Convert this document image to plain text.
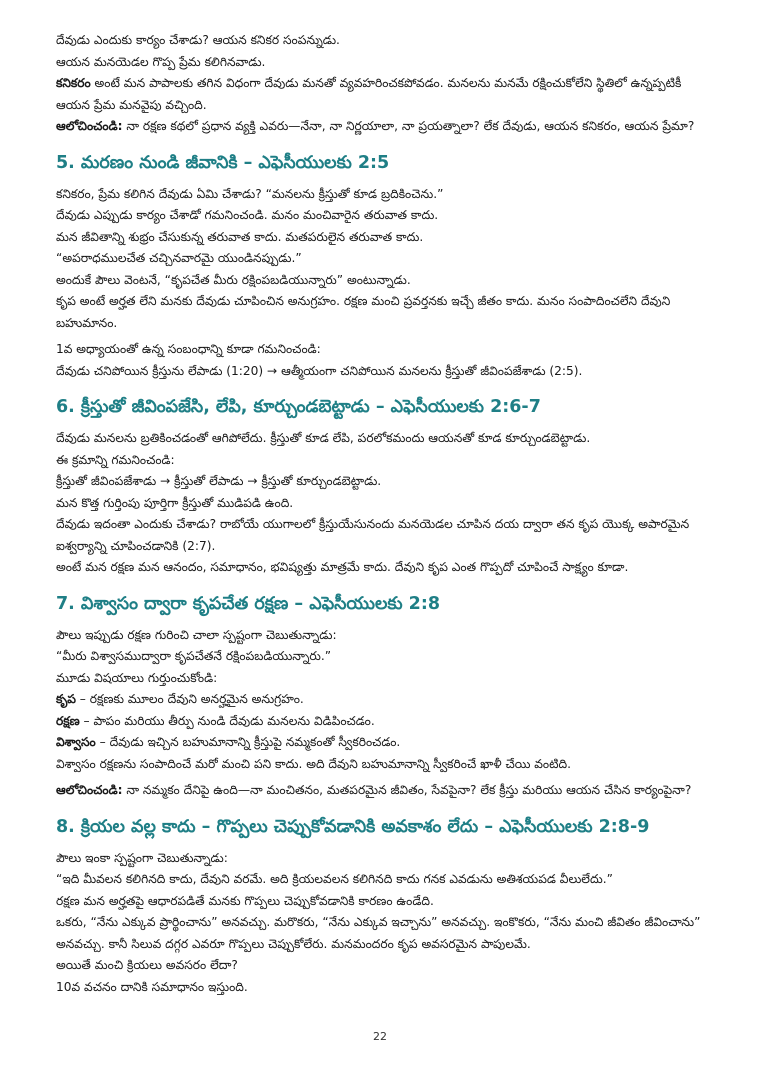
దేవుడు ఎందుకు కార్యం చేశాడు? ఆయన కనికర సంపన్నుడు.

ఆయన మనయెడల గొప్ప ప్రేమ కలిగినవాడు.

కనికరం అంటే మన పాపాలకు తగిన విధంగా దేవుడు మనతో వ్యవహరించకపోవడం. మనలను మనమే రక్షించుకోలేని స్థితిలో ఉన్నప్పటికీ ఆయన ప్రేమ మనవైపు వచ్చింది.

ఆలోచించండి: నా రక్షణ కథలో ప్రధాన వ్యక్తి ఎవరు—నేనా, నా నిర్ణయాలా, నా ప్రయత్నాలా? లేక దేవుడు, ఆయన కనికరం, ఆయన ప్రేమా?

5. మరణం నుండి జీవానికి – ఎఫెసీయులకు 2:5

కనికరం, ప్రేమ కలిగిన దేవుడు ఏమి చేశాడు? “మనలను క్రీస్తుతో కూడ బ్రదికించెను.”

దేవుడు ఎప్పుడు కార్యం చేశాడో గమనించండి. మనం మంచివారైన తరువాత కాదు.

మన జీవితాన్ని శుభ్రం చేసుకున్న తరువాత కాదు. మతపరులైన తరువాత కాదు.

“అపరాధములచేత చచ్చినవారమై యుండినప్పుడు.”

అందుకే పౌలు వెంటనే, “కృపచేత మీరు రక్షింపబడియున్నారు” అంటున్నాడు.

కృప అంటే అర్హత లేని మనకు దేవుడు చూపించిన అనుగ్రహం. రక్షణ మంచి ప్రవర్తనకు ఇచ్చే జీతం కాదు. మనం సంపాదించలేని దేవుని బహుమానం.

1వ అధ్యాయంతో ఉన్న సంబంధాన్ని కూడా గమనించండి:

దేవుడు చనిపోయిన క్రీస్తును లేపాడు (1:20) → ఆత్మీయంగా చనిపోయిన మనలను క్రీస్తుతో జీవింపజేశాడు (2:5).

6. క్రీస్తుతో జీవింపజేసి, లేపి, కూర్చుండబెట్టాడు – ఎఫెసీయులకు 2:6-7

దేవుడు మనలను బ్రతికించడంతో ఆగిపోలేదు. క్రీస్తుతో కూడ లేపి, పరలోకమందు ఆయనతో కూడ కూర్చుండబెట్టాడు.

ఈ క్రమాన్ని గమనించండి:

క్రీస్తుతో జీవింపజేశాడు → క్రీస్తుతో లేపాడు → క్రీస్తుతో కూర్చుండబెట్టాడు.

మన కొత్త గుర్తింపు పూర్తిగా క్రీస్తుతో ముడిపడి ఉంది.

దేవుడు ఇదంతా ఎందుకు చేశాడు? రాబోయే యుగాలలో క్రీస్తుయేసునందు మనయెడల చూపిన దయ ద్వారా తన కృప యొక్క అపారమైన ఐశ్వర్యాన్ని చూపించడానికి (2:7).

అంటే మన రక్షణ మన ఆనందం, సమాధానం, భవిష్యత్తు మాత్రమే కాదు. దేవుని కృప ఎంత గొప్పదో చూపించే సాక్ష్యం కూడా.

7. విశ్వాసం ద్వారా కృపచేత రక్షణ – ఎఫెసీయులకు 2:8

పౌలు ఇప్పుడు రక్షణ గురించి చాలా స్పష్టంగా చెబుతున్నాడు:

“మీరు విశ్వాసముద్వారా కృపచేతనే రక్షింపబడియున్నారు.”

మూడు విషయాలు గుర్తుంచుకోండి:

కృప – రక్షణకు మూలం దేవుని అనర్హమైన అనుగ్రహం.

రక్షణ – పాపం మరియు తీర్పు నుండి దేవుడు మనలను విడిపించడం.

విశ్వాసం – దేవుడు ఇచ్చిన బహుమానాన్ని క్రీస్తుపై నమ్మకంతో స్వీకరించడం.

విశ్వాసం రక్షణను సంపాదించే మరో మంచి పని కాదు. అది దేవుని బహుమానాన్ని స్వీకరించే ఖాళీ చేయి వంటిది.

ఆలోచించండి: నా నమ్మకం దేనిపై ఉంది—నా మంచితనం, మతపరమైన జీవితం, సేవపైనా? లేక క్రీస్తు మరియు ఆయన చేసిన కార్యంపైనా?

8. క్రియల వల్ల కాదు – గొప్పలు చెప్పుకోవడానికి అవకాశం లేదు – ఎఫెసీయులకు 2:8-9

పౌలు ఇంకా స్పష్టంగా చెబుతున్నాడు:

“ఇది మీవలన కలిగినది కాదు, దేవుని వరమే. అది క్రియలవలన కలిగినది కాదు గనక ఎవడును అతిశయపడ వీలులేదు.”

రక్షణ మన అర్హతపై ఆధారపడితే మనకు గొప్పలు చెప్పుకోవడానికి కారణం ఉండేది.

ఒకరు, “నేను ఎక్కువ ప్రార్థించాను” అనవచ్చు. మరొకరు, “నేను ఎక్కువ ఇచ్చాను” అనవచ్చు. ఇంకొకరు, “నేను మంచి జీవితం జీవించాను” అనవచ్చు. కానీ సిలువ దగ్గర ఎవరూ గొప్పలు చెప్పుకోలేరు. మనమందరం కృప అవసరమైన పాపులమే.

అయితే మంచి క్రియలు అవసరం లేదా?

10వ వచనం దానికి సమాధానం ఇస్తుంది.

22
